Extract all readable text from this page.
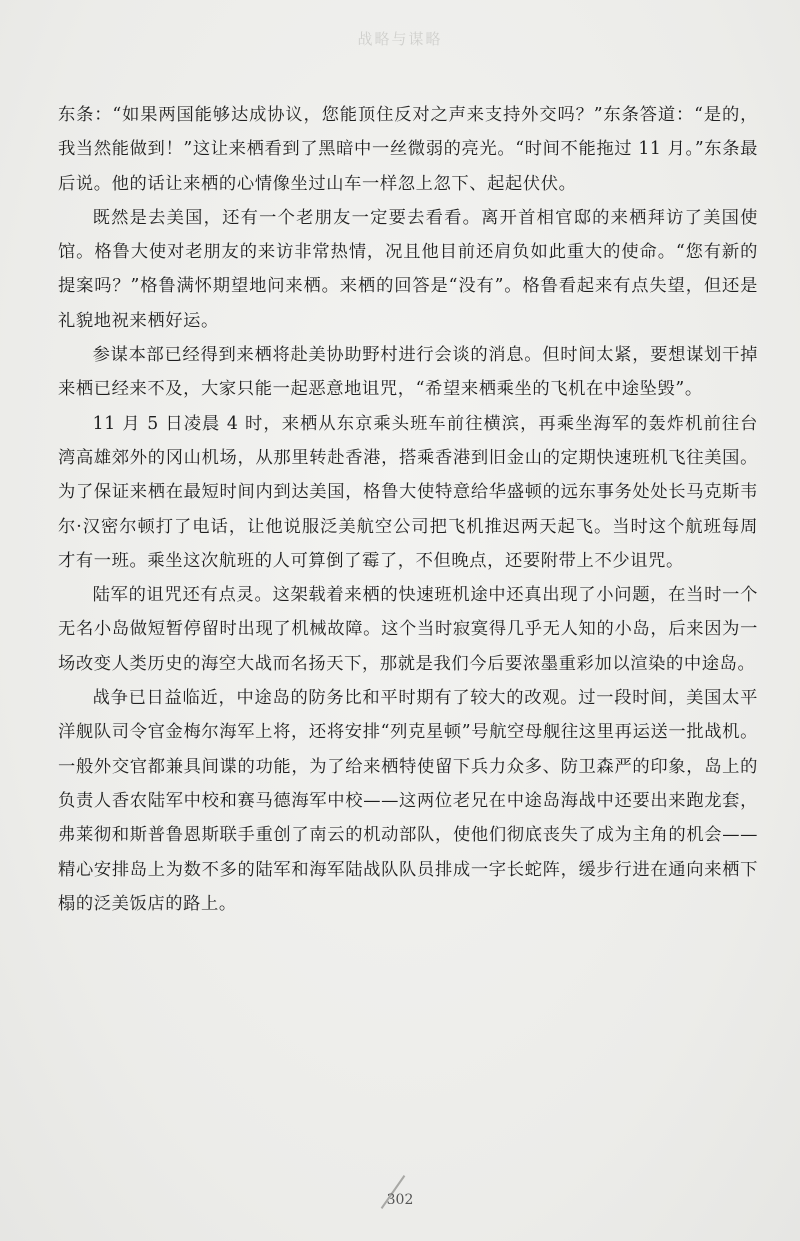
战略与谋略

东条：“如果两国能够达成协议，您能顶住反对之声来支持外交吗？”东条答道：“是的，我当然能做到！”这让来栖看到了黑暗中一丝微弱的亮光。“时间不能拖过 11 月。”东条最后说。他的话让来栖的心情像坐过山车一样忽上忽下、起起伏伏。

既然是去美国，还有一个老朋友一定要去看看。离开首相官邸的来栖拜访了美国使馆。格鲁大使对老朋友的来访非常热情，况且他目前还肩负如此重大的使命。“您有新的提案吗？”格鲁满怀期望地问来栖。来栖的回答是“没有”。格鲁看起来有点失望，但还是礼貌地祝来栖好运。

参谋本部已经得到来栖将赴美协助野村进行会谈的消息。但时间太紧，要想谋划干掉来栖已经来不及，大家只能一起恶意地诅咒，“希望来栖乘坐的飞机在中途坠毁”。

11 月 5 日凌晨 4 时，来栖从东京乘头班车前往横滨，再乘坐海军的轰炸机前往台湾高雄郊外的冈山机场，从那里转赴香港，搭乘香港到旧金山的定期快速班机飞往美国。为了保证来栖在最短时间内到达美国，格鲁大使特意给华盛顿的远东事务处处长马克斯韦尔·汉密尔顿打了电话，让他说服泛美航空公司把飞机推迟两天起飞。当时这个航班每周才有一班。乘坐这次航班的人可算倒了霉了，不但晚点，还要附带上不少诅咒。

陆军的诅咒还有点灵。这架载着来栖的快速班机途中还真出现了小问题，在当时一个无名小岛做短暂停留时出现了机械故障。这个当时寂寞得几乎无人知的小岛，后来因为一场改变人类历史的海空大战而名扬天下，那就是我们今后要浓墨重彩加以渲染的中途岛。

战争已日益临近，中途岛的防务比和平时期有了较大的改观。过一段时间，美国太平洋舰队司令官金梅尔海军上将，还将安排“列克星顿”号航空母舰往这里再运送一批战机。一般外交官都兼具间谍的功能，为了给来栖特使留下兵力众多、防卫森严的印象，岛上的负责人香农陆军中校和赛马德海军中校——这两位老兄在中途岛海战中还要出来跑龙套，弗莱彻和斯普鲁恩斯联手重创了南云的机动部队，使他们彻底丧失了成为主角的机会——精心安排岛上为数不多的陆军和海军陆战队队员排成一字长蛇阵，缓步行进在通向来栖下榻的泛美饭店的路上。

302
